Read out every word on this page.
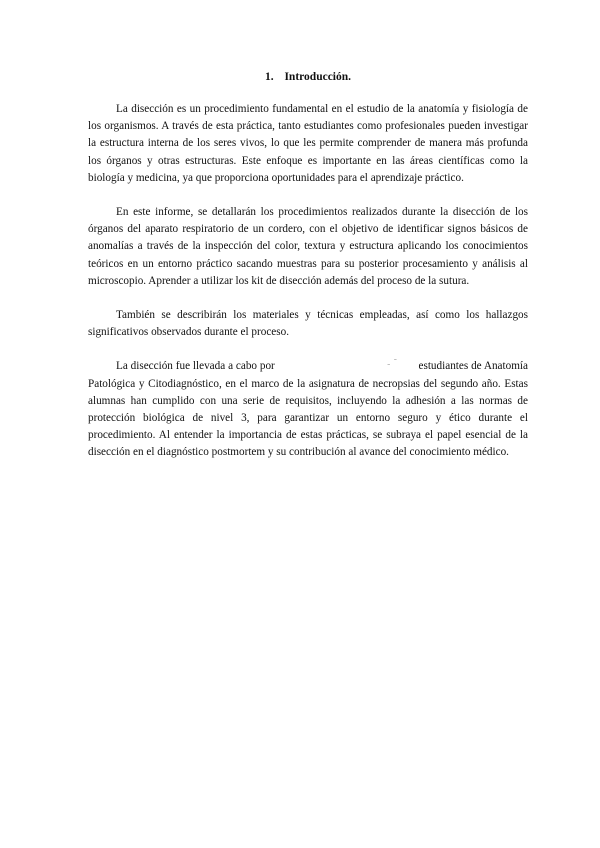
1. Introducción.

La disección es un procedimiento fundamental en el estudio de la anatomía y fisiología de los organismos. A través de esta práctica, tanto estudiantes como profesionales pueden investigar la estructura interna de los seres vivos, lo que les permite comprender de manera más profunda los órganos y otras estructuras. Este enfoque es importante en las áreas científicas como la biología y medicina, ya que proporciona oportunidades para el aprendizaje práctico.

En este informe, se detallarán los procedimientos realizados durante la disección de los órganos del aparato respiratorio de un cordero, con el objetivo de identificar signos básicos de anomalías a través de la inspección del color, textura y estructura aplicando los conocimientos teóricos en un entorno práctico sacando muestras para su posterior procesamiento y análisis al microscopio. Aprender a utilizar los kit de disección además del proceso de la sutura.

También se describirán los materiales y técnicas empleadas, así como los hallazgos significativos observados durante el proceso.

La disección fue llevada a cabo por	ˍ ˉ estudiantes de Anatomía Patológica y Citodiagnóstico, en el marco de la asignatura de necropsias del segundo año. Estas alumnas han cumplido con una serie de requisitos, incluyendo la adhesión a las normas de protección biológica de nivel 3, para garantizar un entorno seguro y ético durante el procedimiento. Al entender la importancia de estas prácticas, se subraya el papel esencial de la disección en el diagnóstico postmortem y su contribución al avance del conocimiento médico.
